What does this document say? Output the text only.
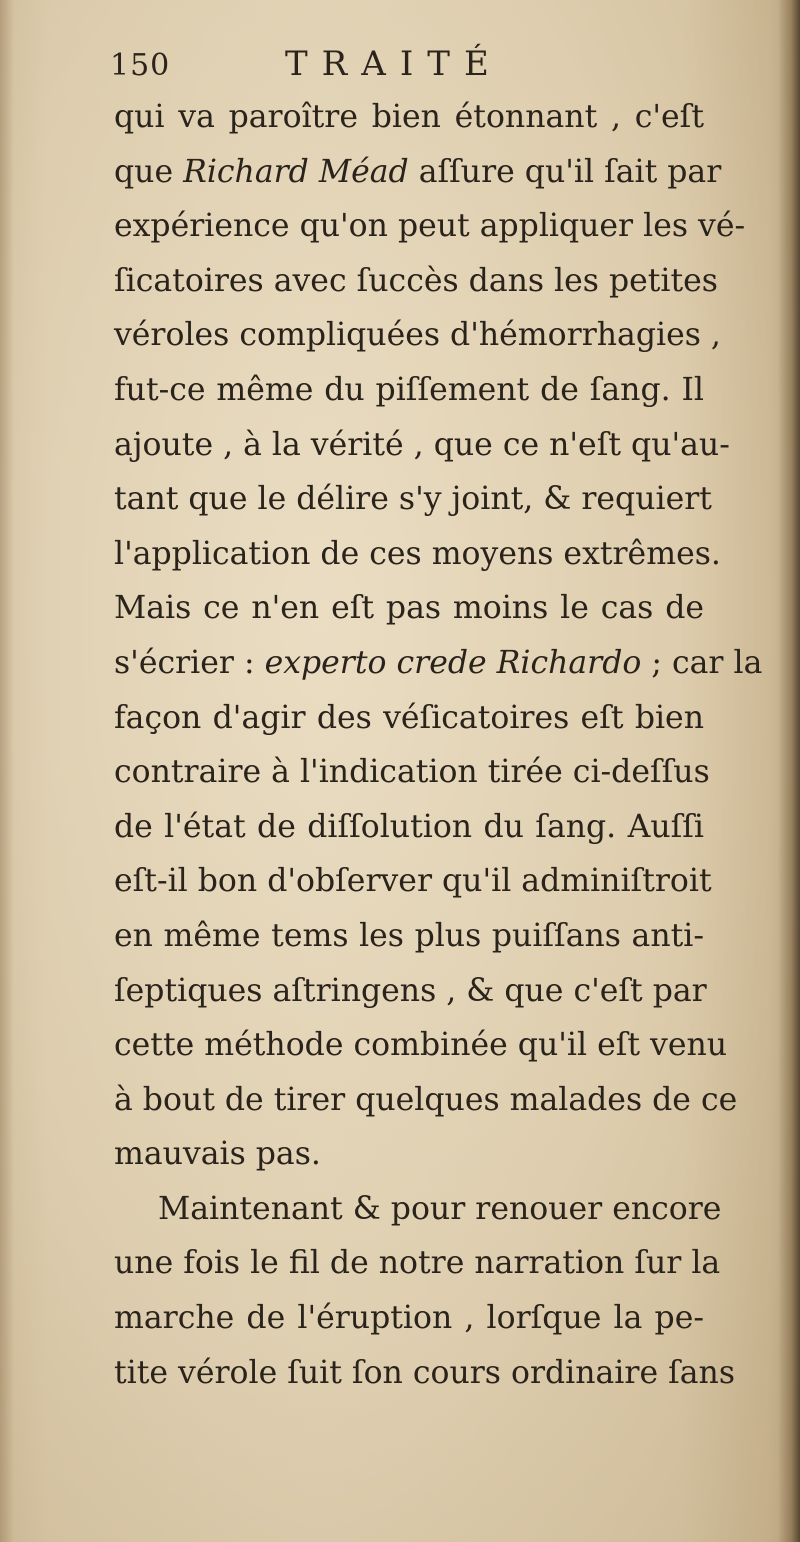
150	TRAITÉ
qui va paroître bien étonnant , c'eſt
que Richard Méad aſſure qu'il ſait par
expérience qu'on peut appliquer les vé-
ſicatoires avec ſuccès dans les petites
véroles compliquées d'hémorrhagies ,
fut-ce même du piſſement de ſang. Il
ajoute , à la vérité , que ce n'eſt qu'au-
tant que le délire s'y joint, & requiert
l'application de ces moyens extrêmes.
Mais ce n'en eſt pas moins le cas de
s'écrier : experto crede Richardo ; car la
façon d'agir des véſicatoires eſt bien
contraire à l'indication tirée ci-deſſus
de l'état de diſſolution du ſang. Auſſi
eſt-il bon d'obſerver qu'il adminiſtroit
en même tems les plus puiſſans anti-
ſeptiques aſtringens , & que c'eſt par
cette méthode combinée qu'il eſt venu
à bout de tirer quelques malades de ce
mauvais pas.
Maintenant & pour renouer encore
une fois le fil de notre narration ſur la
marche de l'éruption , lorſque la pe-
tite vérole ſuit ſon cours ordinaire ſans
